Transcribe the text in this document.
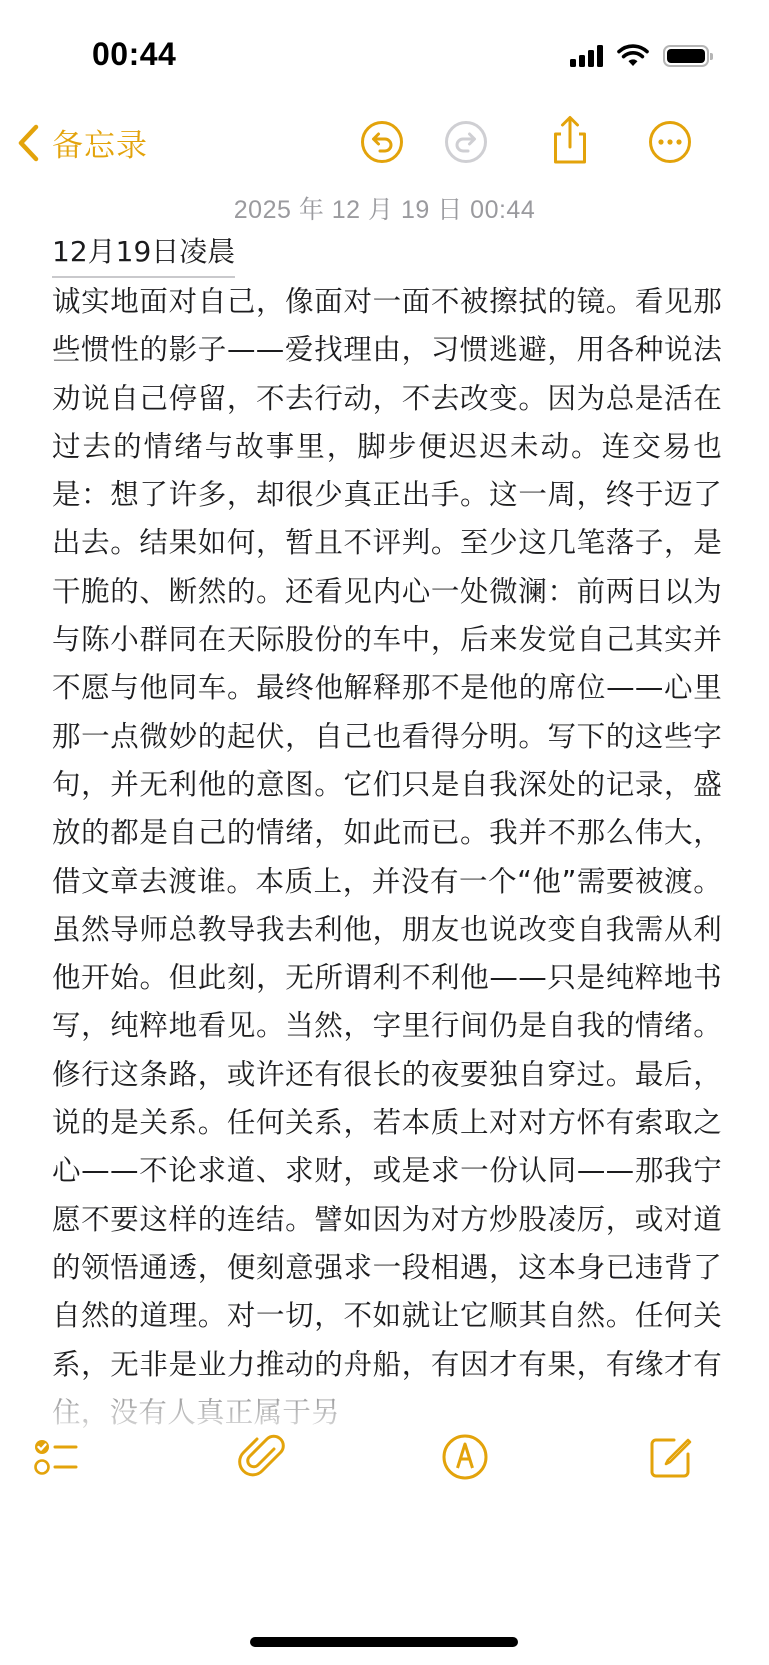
00:44
备忘录
2025 年 12 月 19 日 00:44
12月19日凌晨

诚实地面对自己，像面对一面不被擦拭的镜。看见那些惯性的影子——爱找理由，习惯逃避，用各种说法劝说自己停留，不去行动，不去改变。因为总是活在过去的情绪与故事里，脚步便迟迟未动。连交易也是：想了许多，却很少真正出手。这一周，终于迈了出去。结果如何，暂且不评判。至少这几笔落子，是干脆的、断然的。还看见内心一处微澜：前两日以为与陈小群同在天际股份的车中，后来发觉自己其实并不愿与他同车。最终他解释那不是他的席位——心里那一点微妙的起伏，自己也看得分明。写下的这些字句，并无利他的意图。它们只是自我深处的记录，盛放的都是自己的情绪，如此而已。我并不那么伟大，借文章去渡谁。本质上，并没有一个“他”需要被渡。虽然导师总教导我去利他，朋友也说改变自我需从利他开始。但此刻，无所谓利不利他——只是纯粹地书写，纯粹地看见。当然，字里行间仍是自我的情绪。修行这条路，或许还有很长的夜要独自穿过。最后，说的是关系。任何关系，若本质上对对方怀有索取之心——不论求道、求财，或是求一份认同——那我宁愿不要这样的连结。譬如因为对方炒股凌厉，或对道的领悟通透，便刻意强求一段相遇，这本身已违背了自然的道理。对一切，不如就让它顺其自然。任何关系，无非是业力推动的舟船，有因才有果，有缘才有
